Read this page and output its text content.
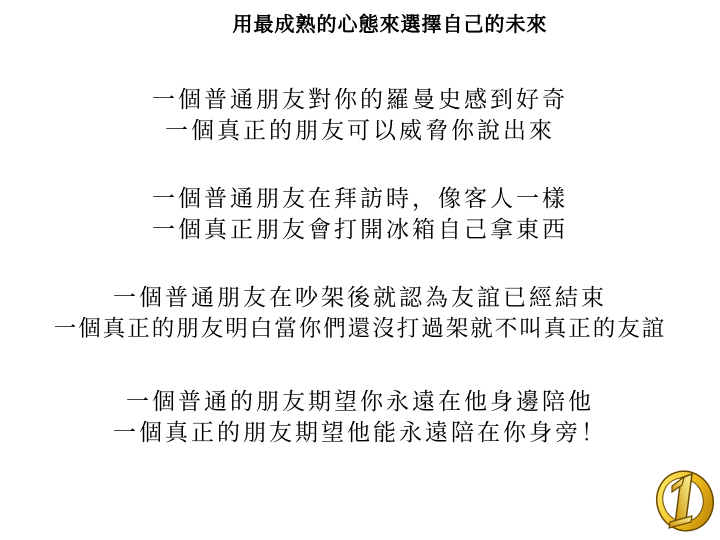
用最成熟的心態來選擇自己的未來
一個普通朋友對你的羅曼史感到好奇
一個真正的朋友可以威脅你說出來
一個普通朋友在拜訪時，像客人一樣
一個真正朋友會打開冰箱自己拿東西
一個普通朋友在吵架後就認為友誼已經結束
一個真正的朋友明白當你們還沒打過架就不叫真正的友誼
一個普通的朋友期望你永遠在他身邊陪他
一個真正的朋友期望他能永遠陪在你身旁！
